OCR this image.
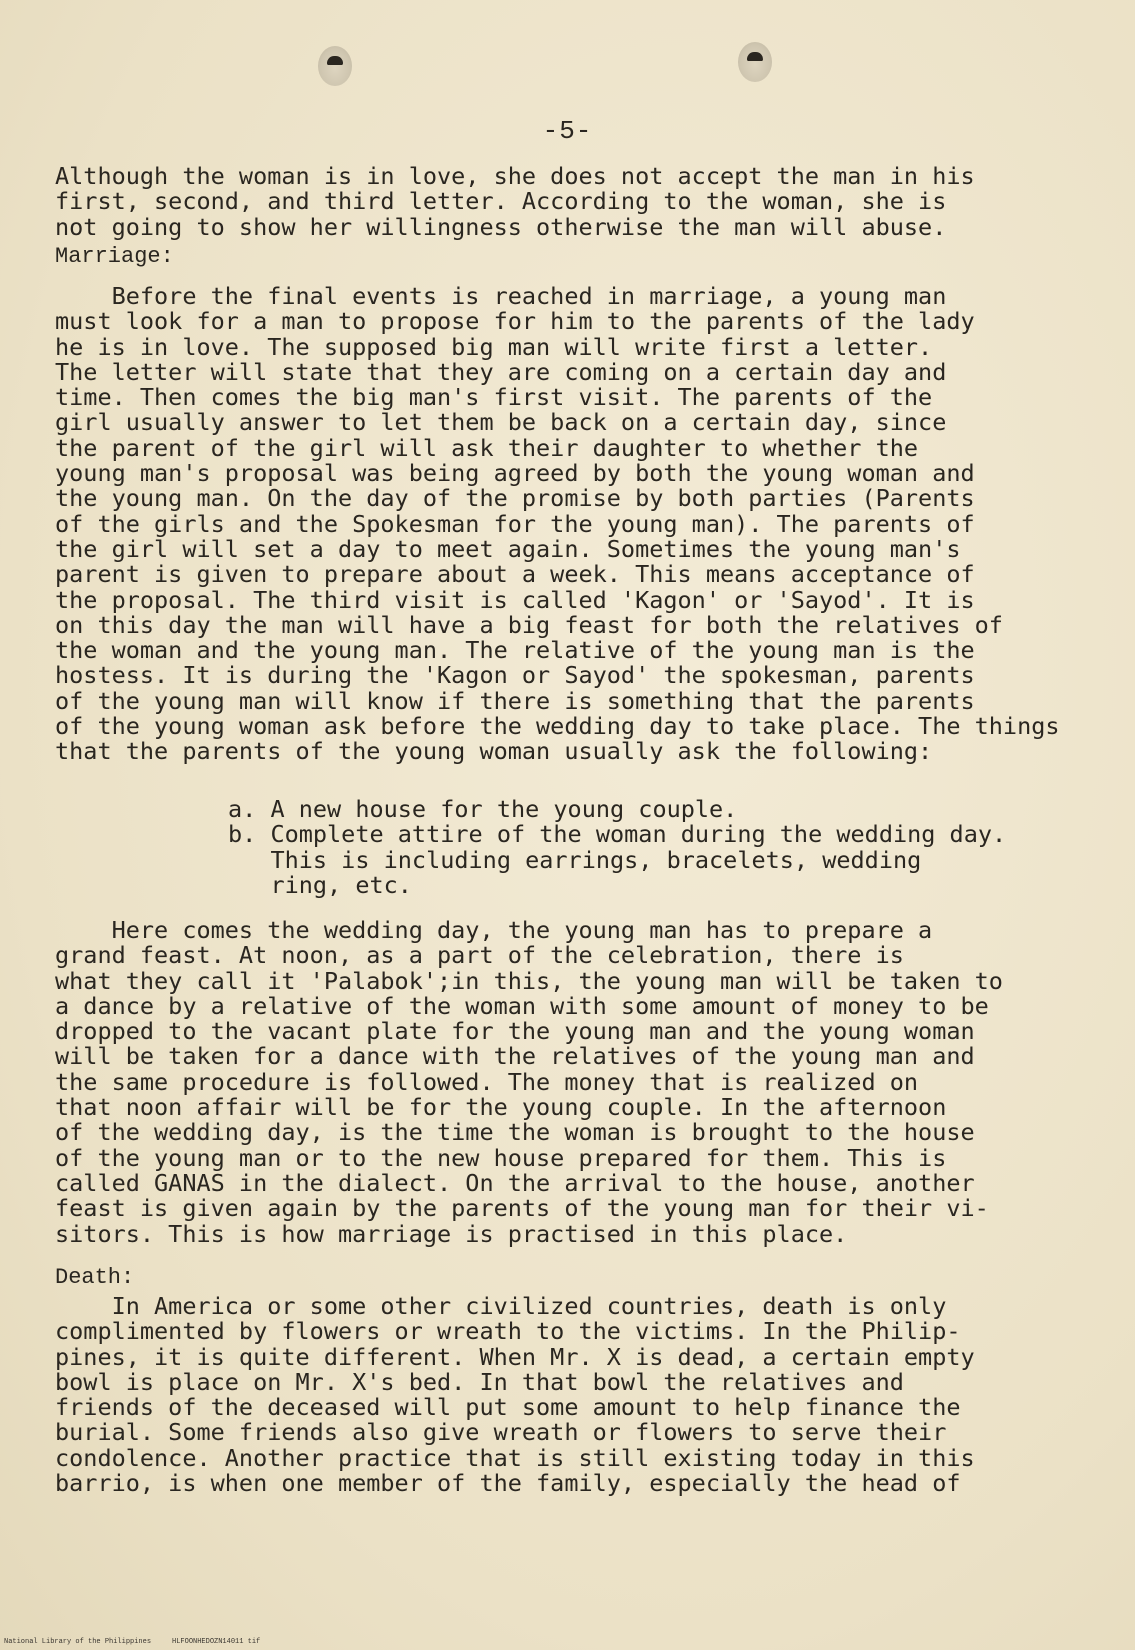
-5-
Although the woman is in love, she does not accept the man in his
first, second, and third letter. According to the woman, she is
not going to show her willingness otherwise the man will abuse.
Marriage:
Before the final events is reached in marriage, a young man
must look for a man to propose for him to the parents of the lady
he is in love. The supposed big man will write first a letter.
The letter will state that they are coming on a certain day and
time. Then comes the big man's first visit. The parents of the
girl usually answer to let them be back on a certain day, since
the parent of the girl will ask their daughter to whether the
young man's proposal was being agreed by both the young woman and
the young man. On the day of the promise by both parties (Parents
of the girls and the Spokesman for the young man). The parents of
the girl will set a day to meet again. Sometimes the young man's
parent is given to prepare about a week. This means acceptance of
the proposal. The third visit is called 'Kagon' or 'Sayod'. It is
on this day the man will have a big feast for both the relatives of
the woman and the young man. The relative of the young man is the
hostess. It is during the 'Kagon or Sayod' the spokesman, parents
of the young man will know if there is something that the parents
of the young woman ask before the wedding day to take place. The things
that the parents of the young woman usually ask the following:
a. A new house for the young couple.
b. Complete attire of the woman during the wedding day.
This is including earrings, bracelets, wedding
ring, etc.
Here comes the wedding day, the young man has to prepare a
grand feast. At noon, as a part of the celebration, there is
what they call it 'Palabok';in this, the young man will be taken to
a dance by a relative of the woman with some amount of money to be
dropped to the vacant plate for the young man and the young woman
will be taken for a dance with the relatives of the young man and
the same procedure is followed. The money that is realized on
that noon affair will be for the young couple. In the afternoon
of the wedding day, is the time the woman is brought to the house
of the young man or to the new house prepared for them. This is
called GANAS in the dialect. On the arrival to the house, another
feast is given again by the parents of the young man for their vi-
sitors. This is how marriage is practised in this place.
Death:
In America or some other civilized countries, death is only
complimented by flowers or wreath to the victims. In the Philip-
pines, it is quite different. When Mr. X is dead, a certain empty
bowl is place on Mr. X's bed. In that bowl the relatives and
friends of the deceased will put some amount to help finance the
burial. Some friends also give wreath or flowers to serve their
condolence. Another practice that is still existing today in this
barrio, is when one member of the family, especially the head of
National Library of the Philippines     HLFOONHEDOZN14011 tif
